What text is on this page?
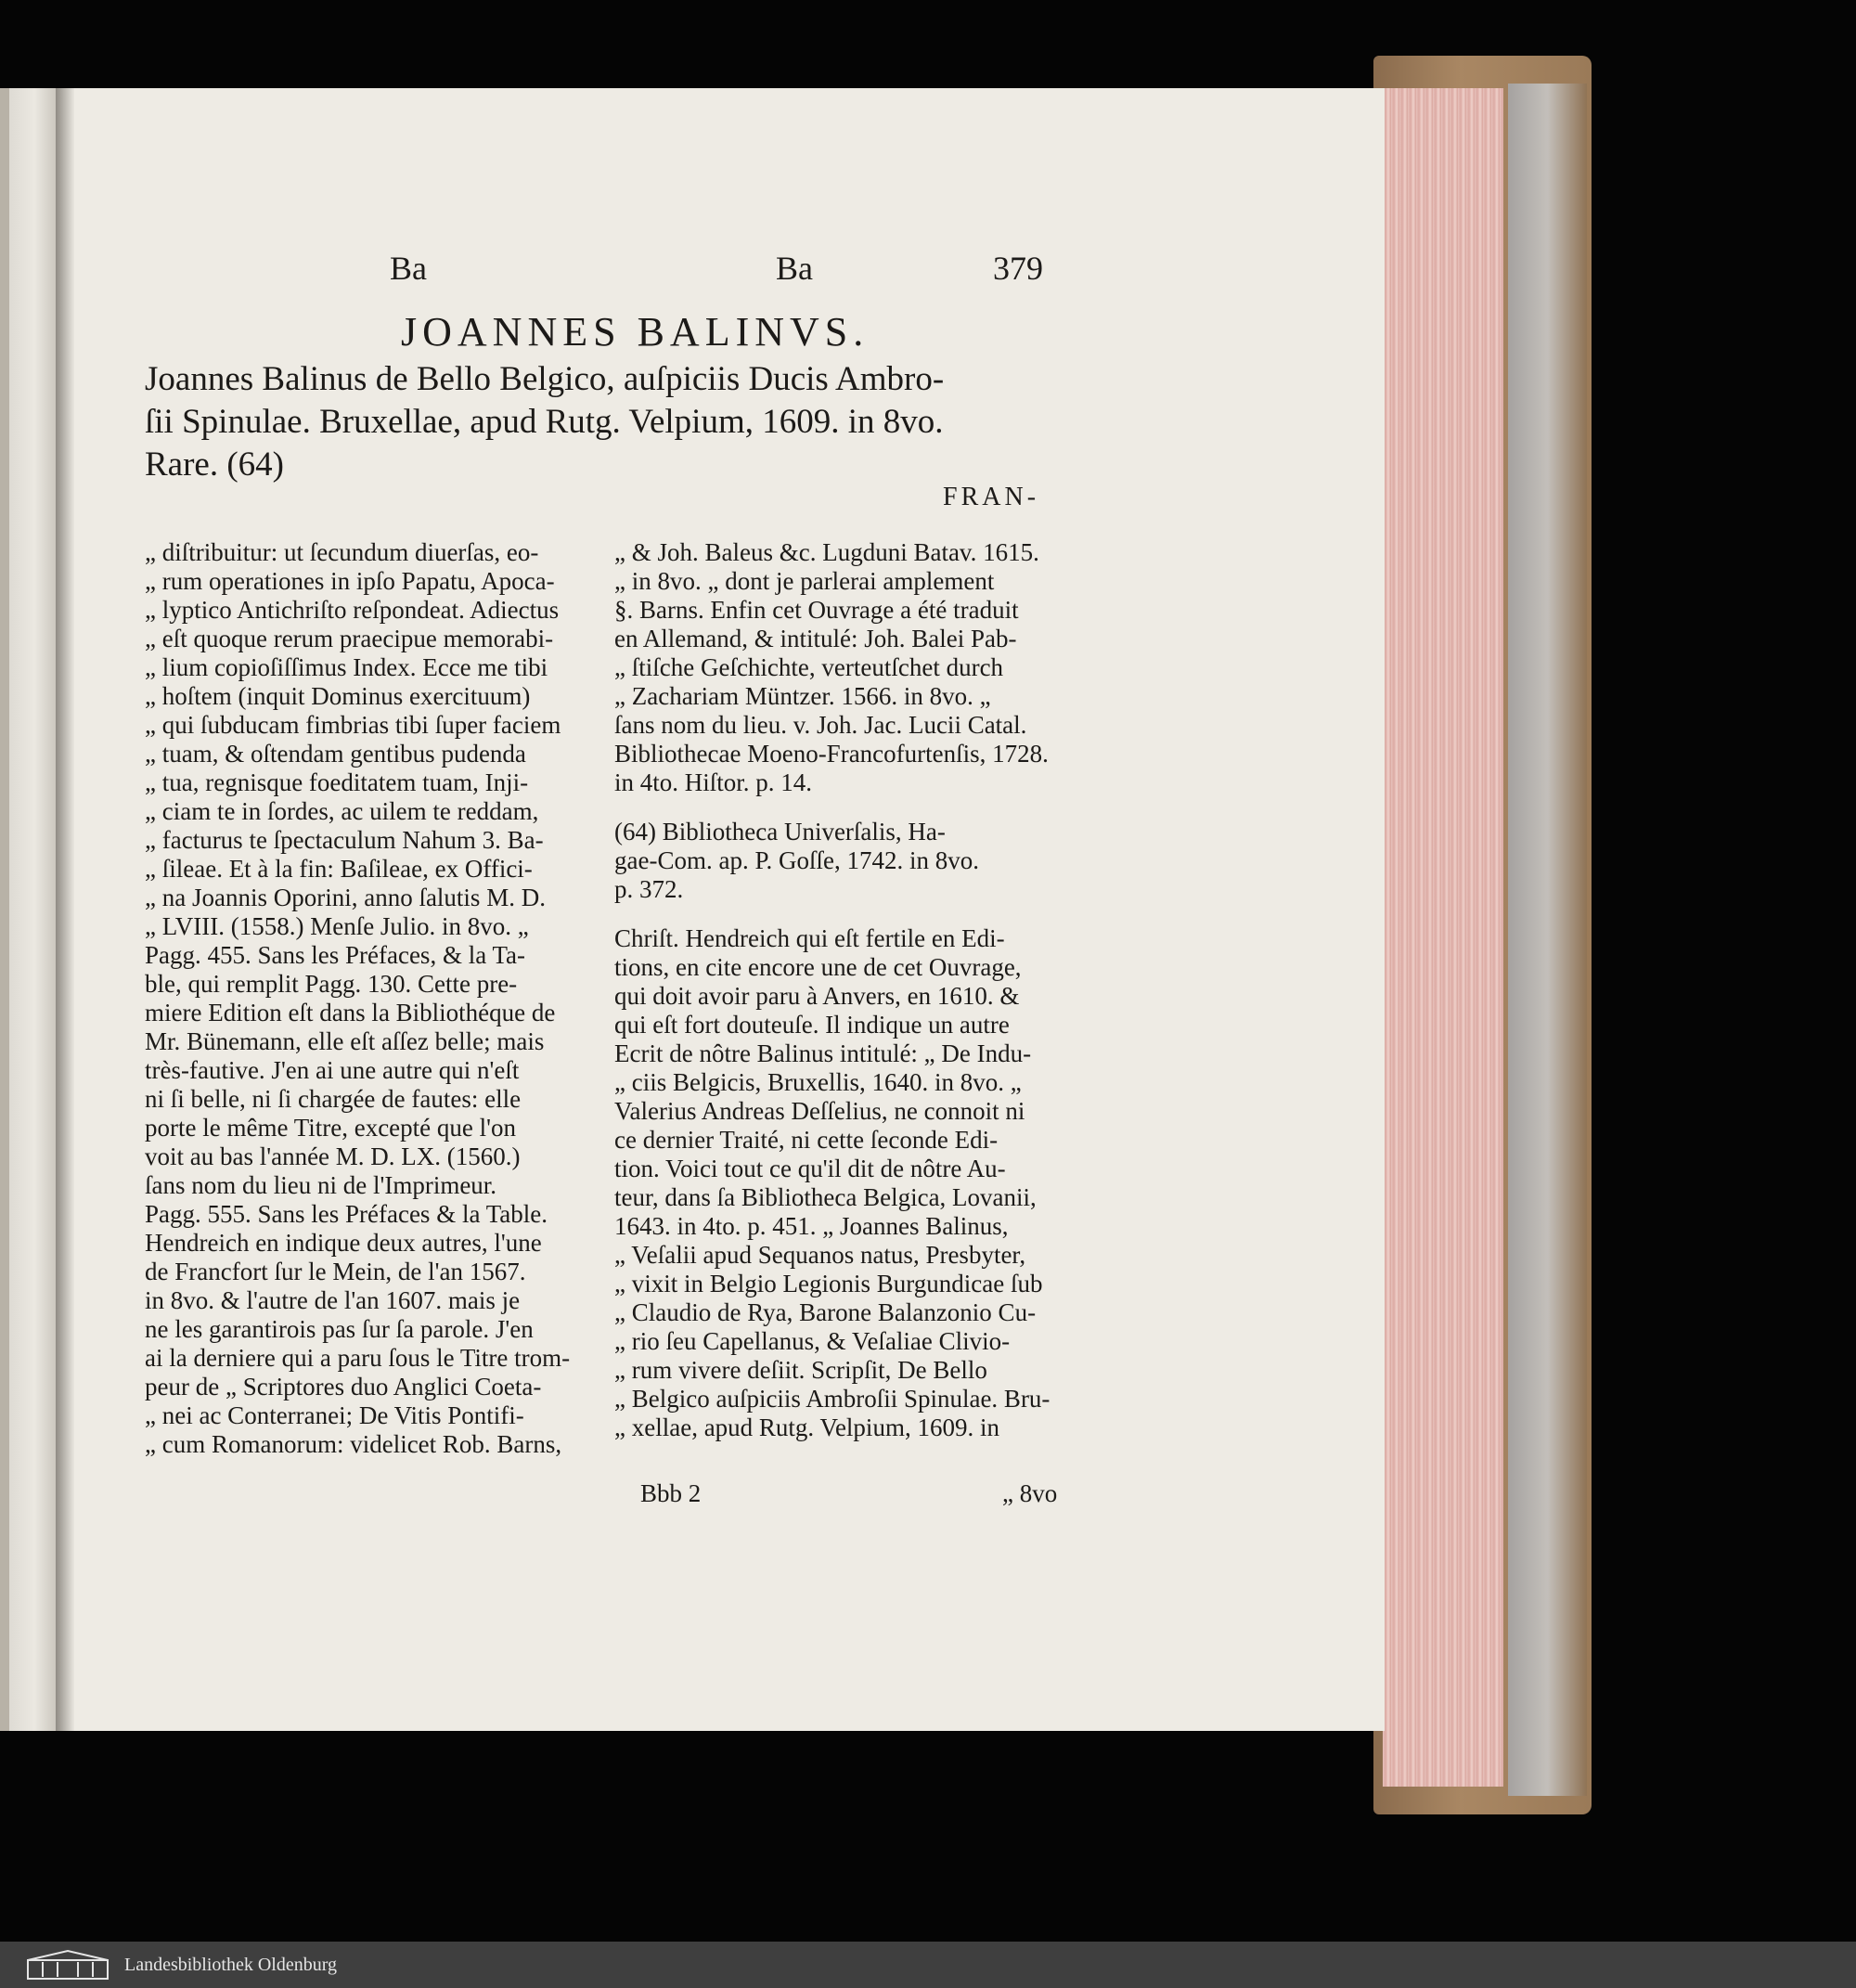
Ba	Ba	379
JOANNES BALINVS.
Joannes Balinus de Bello Belgico, auſpiciis Ducis Ambro-
ſii Spinulae. Bruxellae, apud Rutg. Velpium, 1609. in 8vo.
Rare. (64)
FRAN-
„ diſtribuitur: ut ſecundum diuerſas, eo-
„ rum operationes in ipſo Papatu, Apoca-
„ lyptico Antichriſto reſpondeat. Adiectus
„ eſt quoque rerum praecipue memorabi-
„ lium copioſiſſimus Index. Ecce me tibi
„ hoſtem (inquit Dominus exercituum)
„ qui ſubducam fimbrias tibi ſuper faciem
„ tuam, & oſtendam gentibus pudenda
„ tua, regnisque foeditatem tuam, Inji-
„ ciam te in ſordes, ac uilem te reddam,
„ facturus te ſpectaculum Nahum 3. Ba-
„ ſileae. Et à la fin: Baſileae, ex Offici-
„ na Joannis Oporini, anno ſalutis M. D.
„ LVIII. (1558.) Menſe Julio. in 8vo. „
Pagg. 455. Sans les Préfaces, & la Ta-
ble, qui remplit Pagg. 130. Cette pre-
miere Edition eſt dans la Bibliothéque de
Mr. Bünemann, elle eſt aſſez belle; mais
très-fautive. J'en ai une autre qui n'eſt
ni ſi belle, ni ſi chargée de fautes: elle
porte le même Titre, excepté que l'on
voit au bas l'année M. D. LX. (1560.)
ſans nom du lieu ni de l'Imprimeur.
Pagg. 555. Sans les Préfaces & la Table.
Hendreich en indique deux autres, l'une
de Francfort ſur le Mein, de l'an 1567.
in 8vo. & l'autre de l'an 1607. mais je
ne les garantirois pas ſur ſa parole. J'en
ai la derniere qui a paru ſous le Titre trom-
peur de „ Scriptores duo Anglici Coeta-
„ nei ac Conterranei; De Vitis Pontifi-
„ cum Romanorum: videlicet Rob. Barns,
„ & Joh. Baleus &c. Lugduni Batav. 1615.
„ in 8vo. „ dont je parlerai amplement
§. Barns. Enfin cet Ouvrage a été traduit
en Allemand, & intitulé: Joh. Balei Pab-
„ ſtiſche Geſchichte, verteutſchet durch
„ Zachariam Müntzer. 1566. in 8vo. „
ſans nom du lieu. v. Joh. Jac. Lucii Catal.
Bibliothecae Moeno-Francofurtenſis, 1728.
in 4to. Hiſtor. p. 14.
(64) Bibliotheca Univerſalis, Ha-
gae-Com. ap. P. Goſſe, 1742. in 8vo.
p. 372.
Chriſt. Hendreich qui eſt fertile en Edi-
tions, en cite encore une de cet Ouvrage,
qui doit avoir paru à Anvers, en 1610. &
qui eſt fort douteuſe. Il indique un autre
Ecrit de nôtre Balinus intitulé: „ De Indu-
„ ciis Belgicis, Bruxellis, 1640. in 8vo. „
Valerius Andreas Deſſelius, ne connoit ni
ce dernier Traité, ni cette ſeconde Edi-
tion. Voici tout ce qu'il dit de nôtre Au-
teur, dans ſa Bibliotheca Belgica, Lovanii,
1643. in 4to. p. 451. „ Joannes Balinus,
„ Veſalii apud Sequanos natus, Presbyter,
„ vixit in Belgio Legionis Burgundicae ſub
„ Claudio de Rya, Barone Balanzonio Cu-
„ rio ſeu Capellanus, & Veſaliae Clivio-
„ rum vivere deſiit. Scripſit, De Bello
„ Belgico auſpiciis Ambroſii Spinulae. Bru-
„ xellae, apud Rutg. Velpium, 1609. in
Bbb 2	„ 8vo
Landesbibliothek Oldenburg
